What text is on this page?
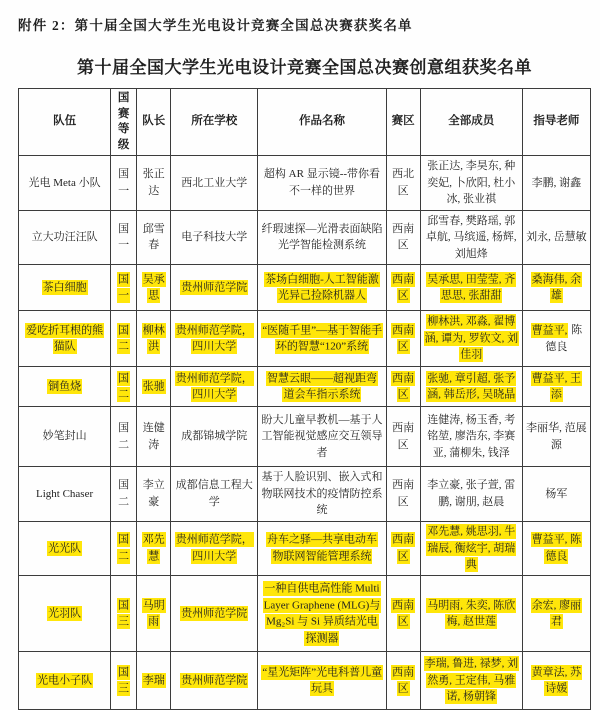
附件 2：第十届全国大学生光电设计竞赛全国总决赛获奖名单
第十届全国大学生光电设计竞赛全国总决赛创意组获奖名单
队伍	国赛等级	队长	所在学校	作品名称	赛区	全部成员	指导老师
光电 Meta 小队	国一	张正达	西北工业大学	超构 AR 显示镜--带你看不一样的世界	西北区	张正达, 李昊东, 种奕妃, 卜欣阳, 杜小冰, 张业祺	李鹏, 谢鑫
立大功汪汪队	国一	邱雪春	电子科技大学	纤瑕速探—光滑表面缺陷光学智能检测系统	西南区	邱雪春, 樊路瑶, 郭卓航, 马缤遥, 杨辉, 刘旭烽	刘永, 岳慧敏
茶白细胞	国一	吴承思	贵州师范学院	茶场白细胞-人工智能激光异己捡除机器人	西南区	吴承思, 田莹莹, 齐思思, 张甜甜	桑海伟, 余雄
爱吃折耳根的熊猫队	国二	柳林洪	贵州师范学院，四川大学	“医随千里”—基于智能手环的智慧“120”系统	西南区	柳林洪, 邓淼, 翟博涵, 谭为, 罗钦文, 刘佳羽	曹益平, 陈德良
铜鱼烧	国二	张驰	贵州师范学院，四川大学	智慧云眼——超视距弯道会车指示系统	西南区	张驰, 章引超, 张予涵, 韩岳形, 吴晓晶	曹益平, 王添
妙笔封山	国二	连健涛	成都锦城学院	盼大儿童早教机—基于人工智能视觉感应交互领导者	西南区	连健涛, 杨玉香, 考铭堃, 廖浩东, 李赛亚, 蒲柳朱, 钱泽	李丽华, 范展源
Light Chaser	国二	李立豪	成都信息工程大学	基于人脸识别、嵌入式和物联网技术的疫情防控系统	西南区	李立豪, 张子萱, 雷鹏, 谢朋, 赵晨	杨军
光光队	国二	邓先慧	贵州师范学院，四川大学	舟车之驿—共享电动车物联网智能管理系统	西南区	邓先慧, 姚思羽, 牛瑞辰, 衡炫宇, 胡瑞典	曹益平, 陈德良
光羽队	国三	马明雨	贵州师范学院	一种自供电高性能 MultiLayer Graphene (MLG)与Mg₂Si 与 Si 异质结光电探测器	西南区	马明雨, 朱奕, 陈欣梅, 赵世莲	余宏, 廖丽君
光电小子队	国三	李瑞	贵州师范学院	“星光矩阵”光电科普儿童玩具	西南区	李瑞, 鲁进, 禄梦, 刘然勇, 王定伟, 马雅诺, 杨朝锋	黄章法, 苏诗媛
